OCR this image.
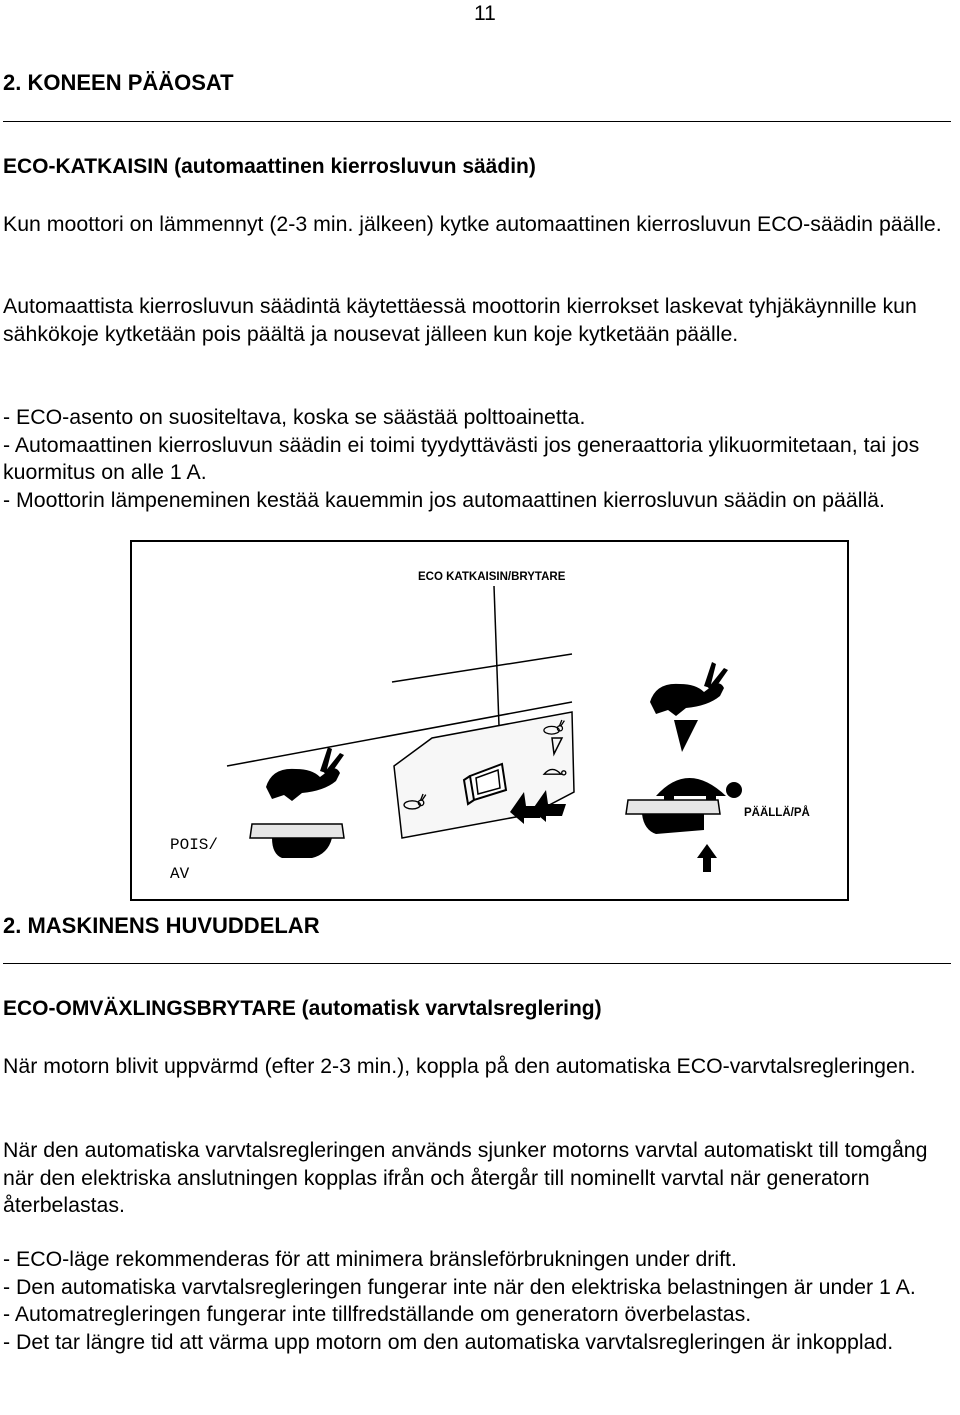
11
2. KONEEN PÄÄOSAT
ECO-KATKAISIN (automaattinen kierrosluvun säädin)
Kun moottori on lämmennyt (2-3 min. jälkeen) kytke automaattinen kierrosluvun ECO-säädin päälle.
Automaattista kierrosluvun säädintä käytettäessä moottorin kierrokset laskevat tyhjäkäynnille kun sähkökoje kytketään pois päältä ja nousevat jälleen kun koje kytketään päälle.

- ECO-asento on suositeltava, koska se säästää polttoainetta.

- Automaattinen kierrosluvun säädin ei toimi tyydyttävästi jos generaattoria ylikuormitetaan, tai jos kuormitus on alle 1 A.

- Moottorin lämpeneminen kestää kauemmin jos automaattinen kierrosluvun säädin on päällä.

ECO KATKAISIN/BRYTARE
POIS/
AV
PÄÄLLÄ/PÅ
2. MASKINENS HUVUDDELAR
ECO-OMVÄXLINGSBRYTARE (automatisk varvtalsreglering)
När motorn blivit uppvärmd (efter 2-3 min.), koppla på den automatiska ECO-varvtalsregleringen.
När den automatiska varvtalsregleringen används sjunker motorns varvtal automatiskt till tomgång när den elektriska anslutningen kopplas ifrån och återgår till nominellt varvtal när generatorn återbelastas.

- ECO-läge rekommenderas för att minimera bränsleförbrukningen under drift.

- Den automatiska varvtalsregleringen fungerar inte när den elektriska belastningen är under 1 A.

- Automatregleringen fungerar inte tillfredställande om generatorn överbelastas.

- Det tar längre tid att värma upp motorn om den automatiska varvtalsregleringen är inkopplad.
